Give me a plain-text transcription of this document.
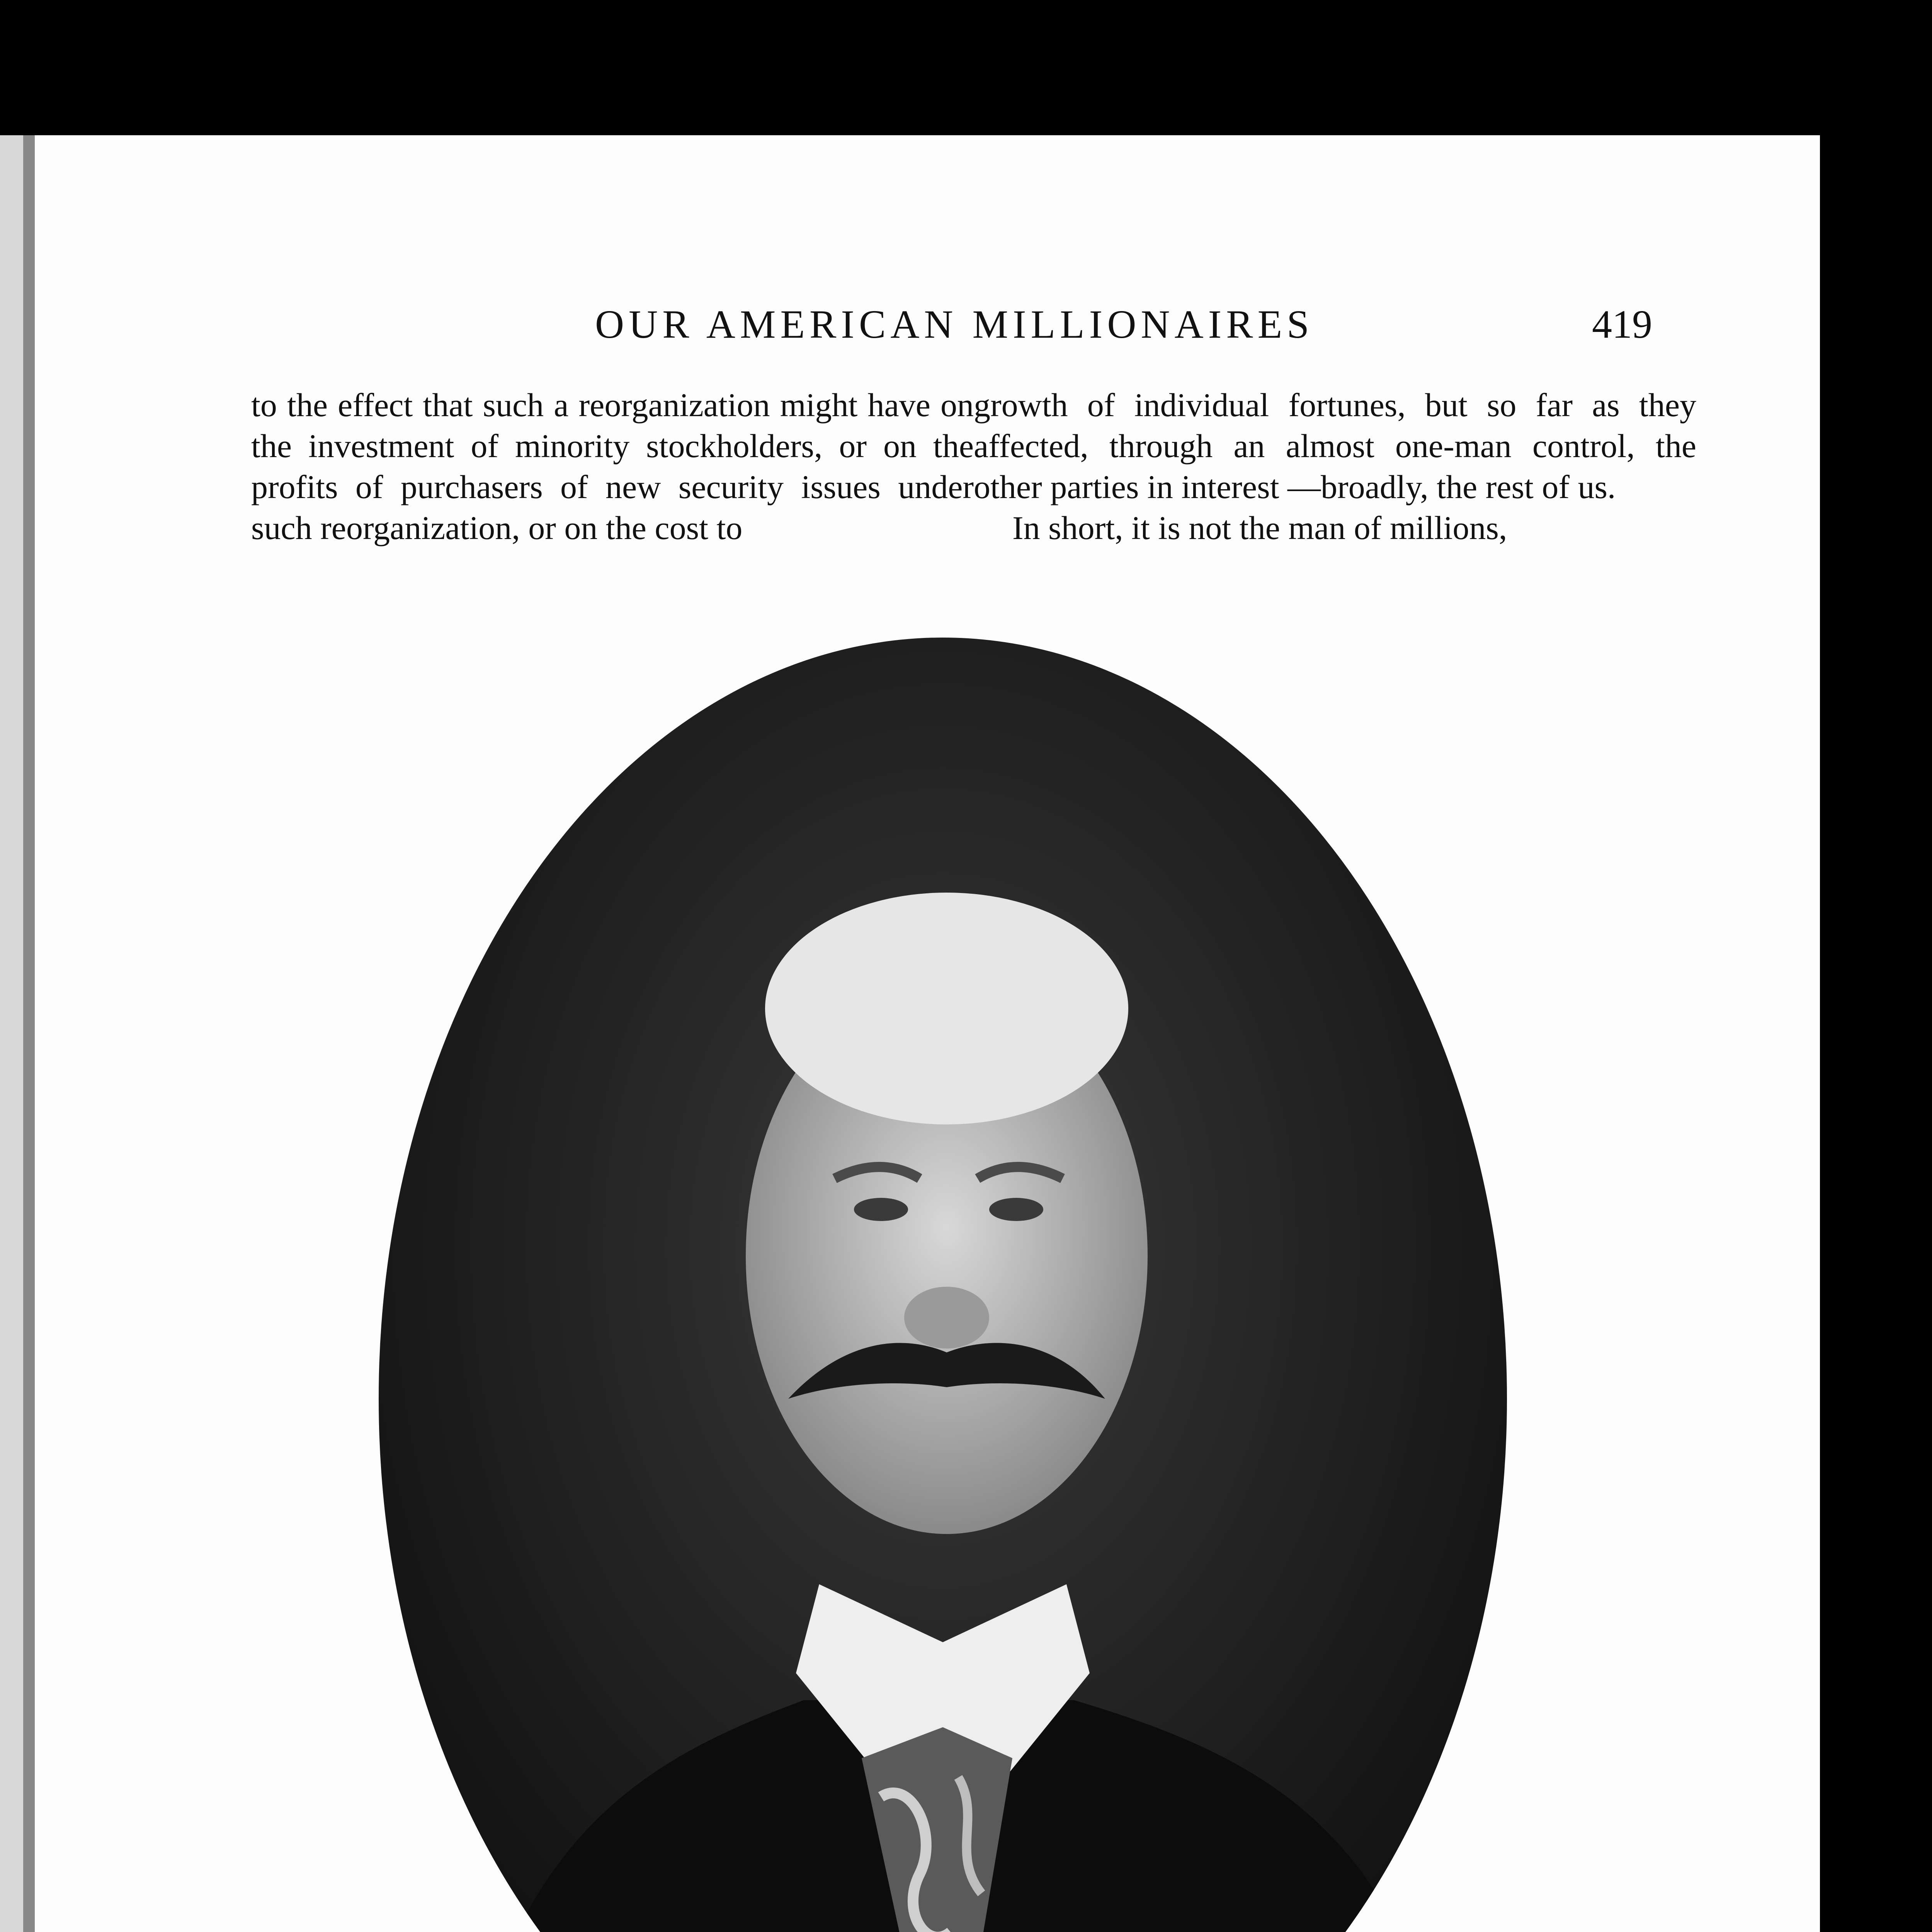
OUR AMERICAN MILLIONAIRES	419

to the effect that such a reorganization might have on the investment of minority stockholders, or on the profits of purchasers of new security issues under such reorganization, or on the cost to

growth of individual fortunes, but so far as they affected, through an almost one-man control, the other parties in interest —broadly, the rest of us.

In short, it is not the man of millions,
